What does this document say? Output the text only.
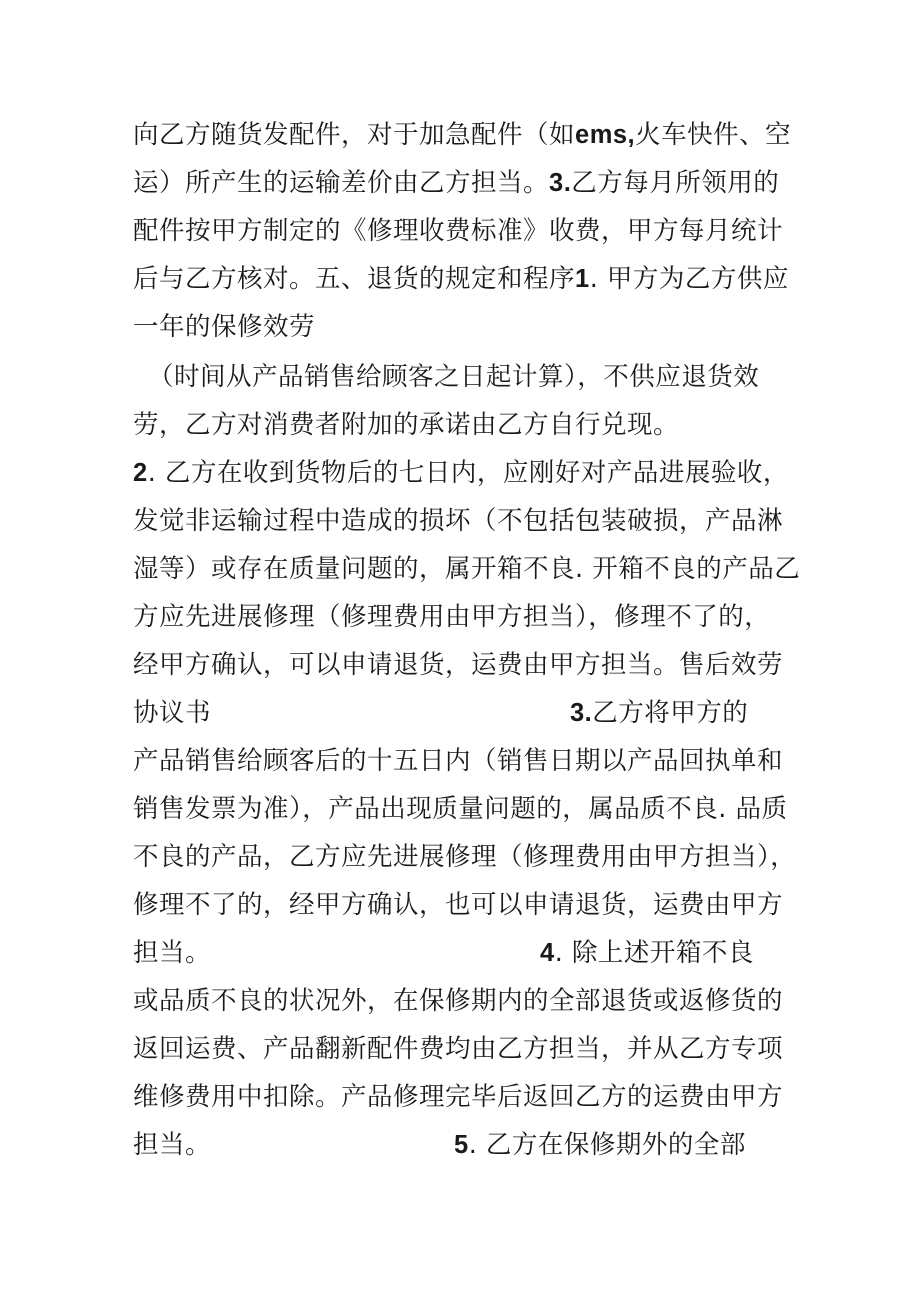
向乙方随货发配件，对于加急配件（如ems,火车快件、空
运）所产生的运输差价由乙方担当。3.乙方每月所领用的
配件按甲方制定的《修理收费标准》收费，甲方每月统计
后与乙方核对。五、退货的规定和程序1. 甲方为乙方供应
一年的保修效劳
（时间从产品销售给顾客之日起计算），不供应退货效
劳，乙方对消费者附加的承诺由乙方自行兑现。
2. 乙方在收到货物后的七日内，应刚好对产品进展验收，
发觉非运输过程中造成的损坏（不包括包装破损，产品淋
湿等）或存在质量问题的，属开箱不良. 开箱不良的产品乙
方应先进展修理（修理费用由甲方担当），修理不了的，
经甲方确认，可以申请退货，运费由甲方担当。售后效劳
协议书	3.乙方将甲方的
产品销售给顾客后的十五日内（销售日期以产品回执单和
销售发票为准），产品出现质量问题的，属品质不良. 品质
不良的产品，乙方应先进展修理（修理费用由甲方担当），
修理不了的，经甲方确认，也可以申请退货，运费由甲方
担当。	4. 除上述开箱不良
或品质不良的状况外，在保修期内的全部退货或返修货的
返回运费、产品翻新配件费均由乙方担当，并从乙方专项
维修费用中扣除。产品修理完毕后返回乙方的运费由甲方
担当。	5. 乙方在保修期外的全部
